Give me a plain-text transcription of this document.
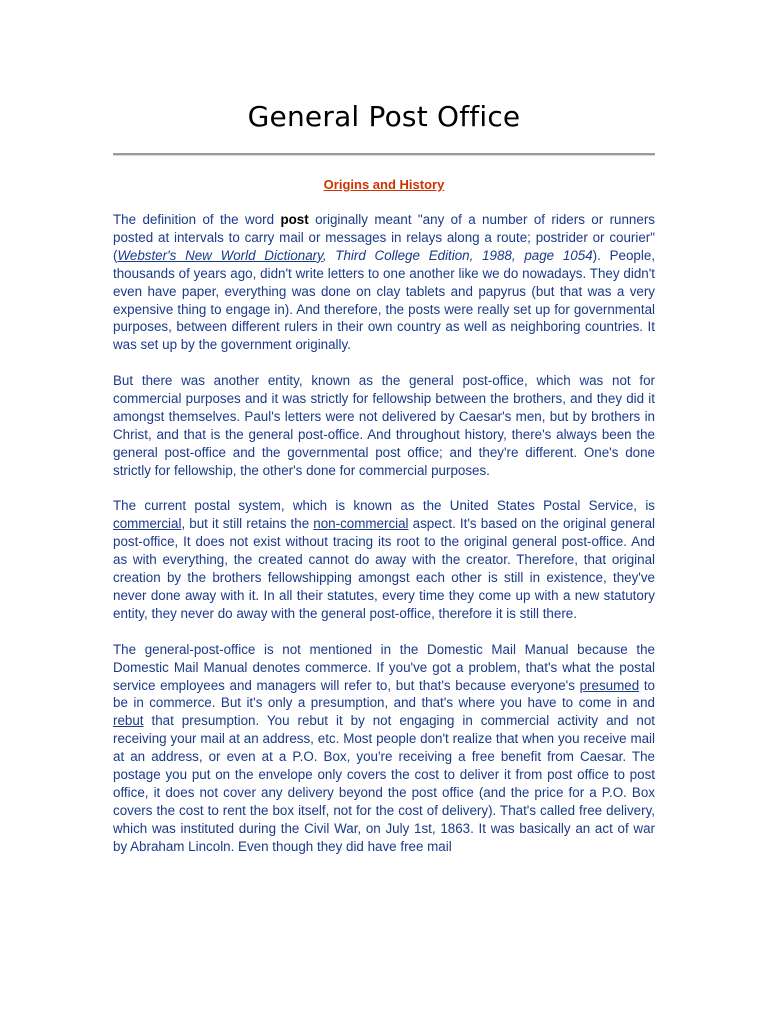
General Post Office
Origins and History

The definition of the word post originally meant "any of a number of riders or runners posted at intervals to carry mail or messages in relays along a route; postrider or courier" (Webster's New World Dictionary, Third College Edition, 1988, page 1054). People, thousands of years ago, didn't write letters to one another like we do nowadays. They didn't even have paper, everything was done on clay tablets and papyrus (but that was a very expensive thing to engage in). And therefore, the posts were really set up for governmental purposes, between different rulers in their own country as well as neighboring countries. It was set up by the government originally.

But there was another entity, known as the general post-office, which was not for commercial purposes and it was strictly for fellowship between the brothers, and they did it amongst themselves. Paul's letters were not delivered by Caesar's men, but by brothers in Christ, and that is the general post-office. And throughout history, there's always been the general post-office and the governmental post office; and they're different. One's done strictly for fellowship, the other's done for commercial purposes.

The current postal system, which is known as the United States Postal Service, is commercial, but it still retains the non-commercial aspect. It's based on the original general post-office, It does not exist without tracing its root to the original general post-office. And as with everything, the created cannot do away with the creator. Therefore, that original creation by the brothers fellowshipping amongst each other is still in existence, they've never done away with it. In all their statutes, every time they come up with a new statutory entity, they never do away with the general post-office, therefore it is still there.

The general-post-office is not mentioned in the Domestic Mail Manual because the Domestic Mail Manual denotes commerce. If you've got a problem, that's what the postal service employees and managers will refer to, but that's because everyone's presumed to be in commerce. But it's only a presumption, and that's where you have to come in and rebut that presumption. You rebut it by not engaging in commercial activity and not receiving your mail at an address, etc. Most people don't realize that when you receive mail at an address, or even at a P.O. Box, you're receiving a free benefit from Caesar. The postage you put on the envelope only covers the cost to deliver it from post office to post office, it does not cover any delivery beyond the post office (and the price for a P.O. Box covers the cost to rent the box itself, not for the cost of delivery). That's called free delivery, which was instituted during the Civil War, on July 1st, 1863. It was basically an act of war by Abraham Lincoln. Even though they did have free mail
